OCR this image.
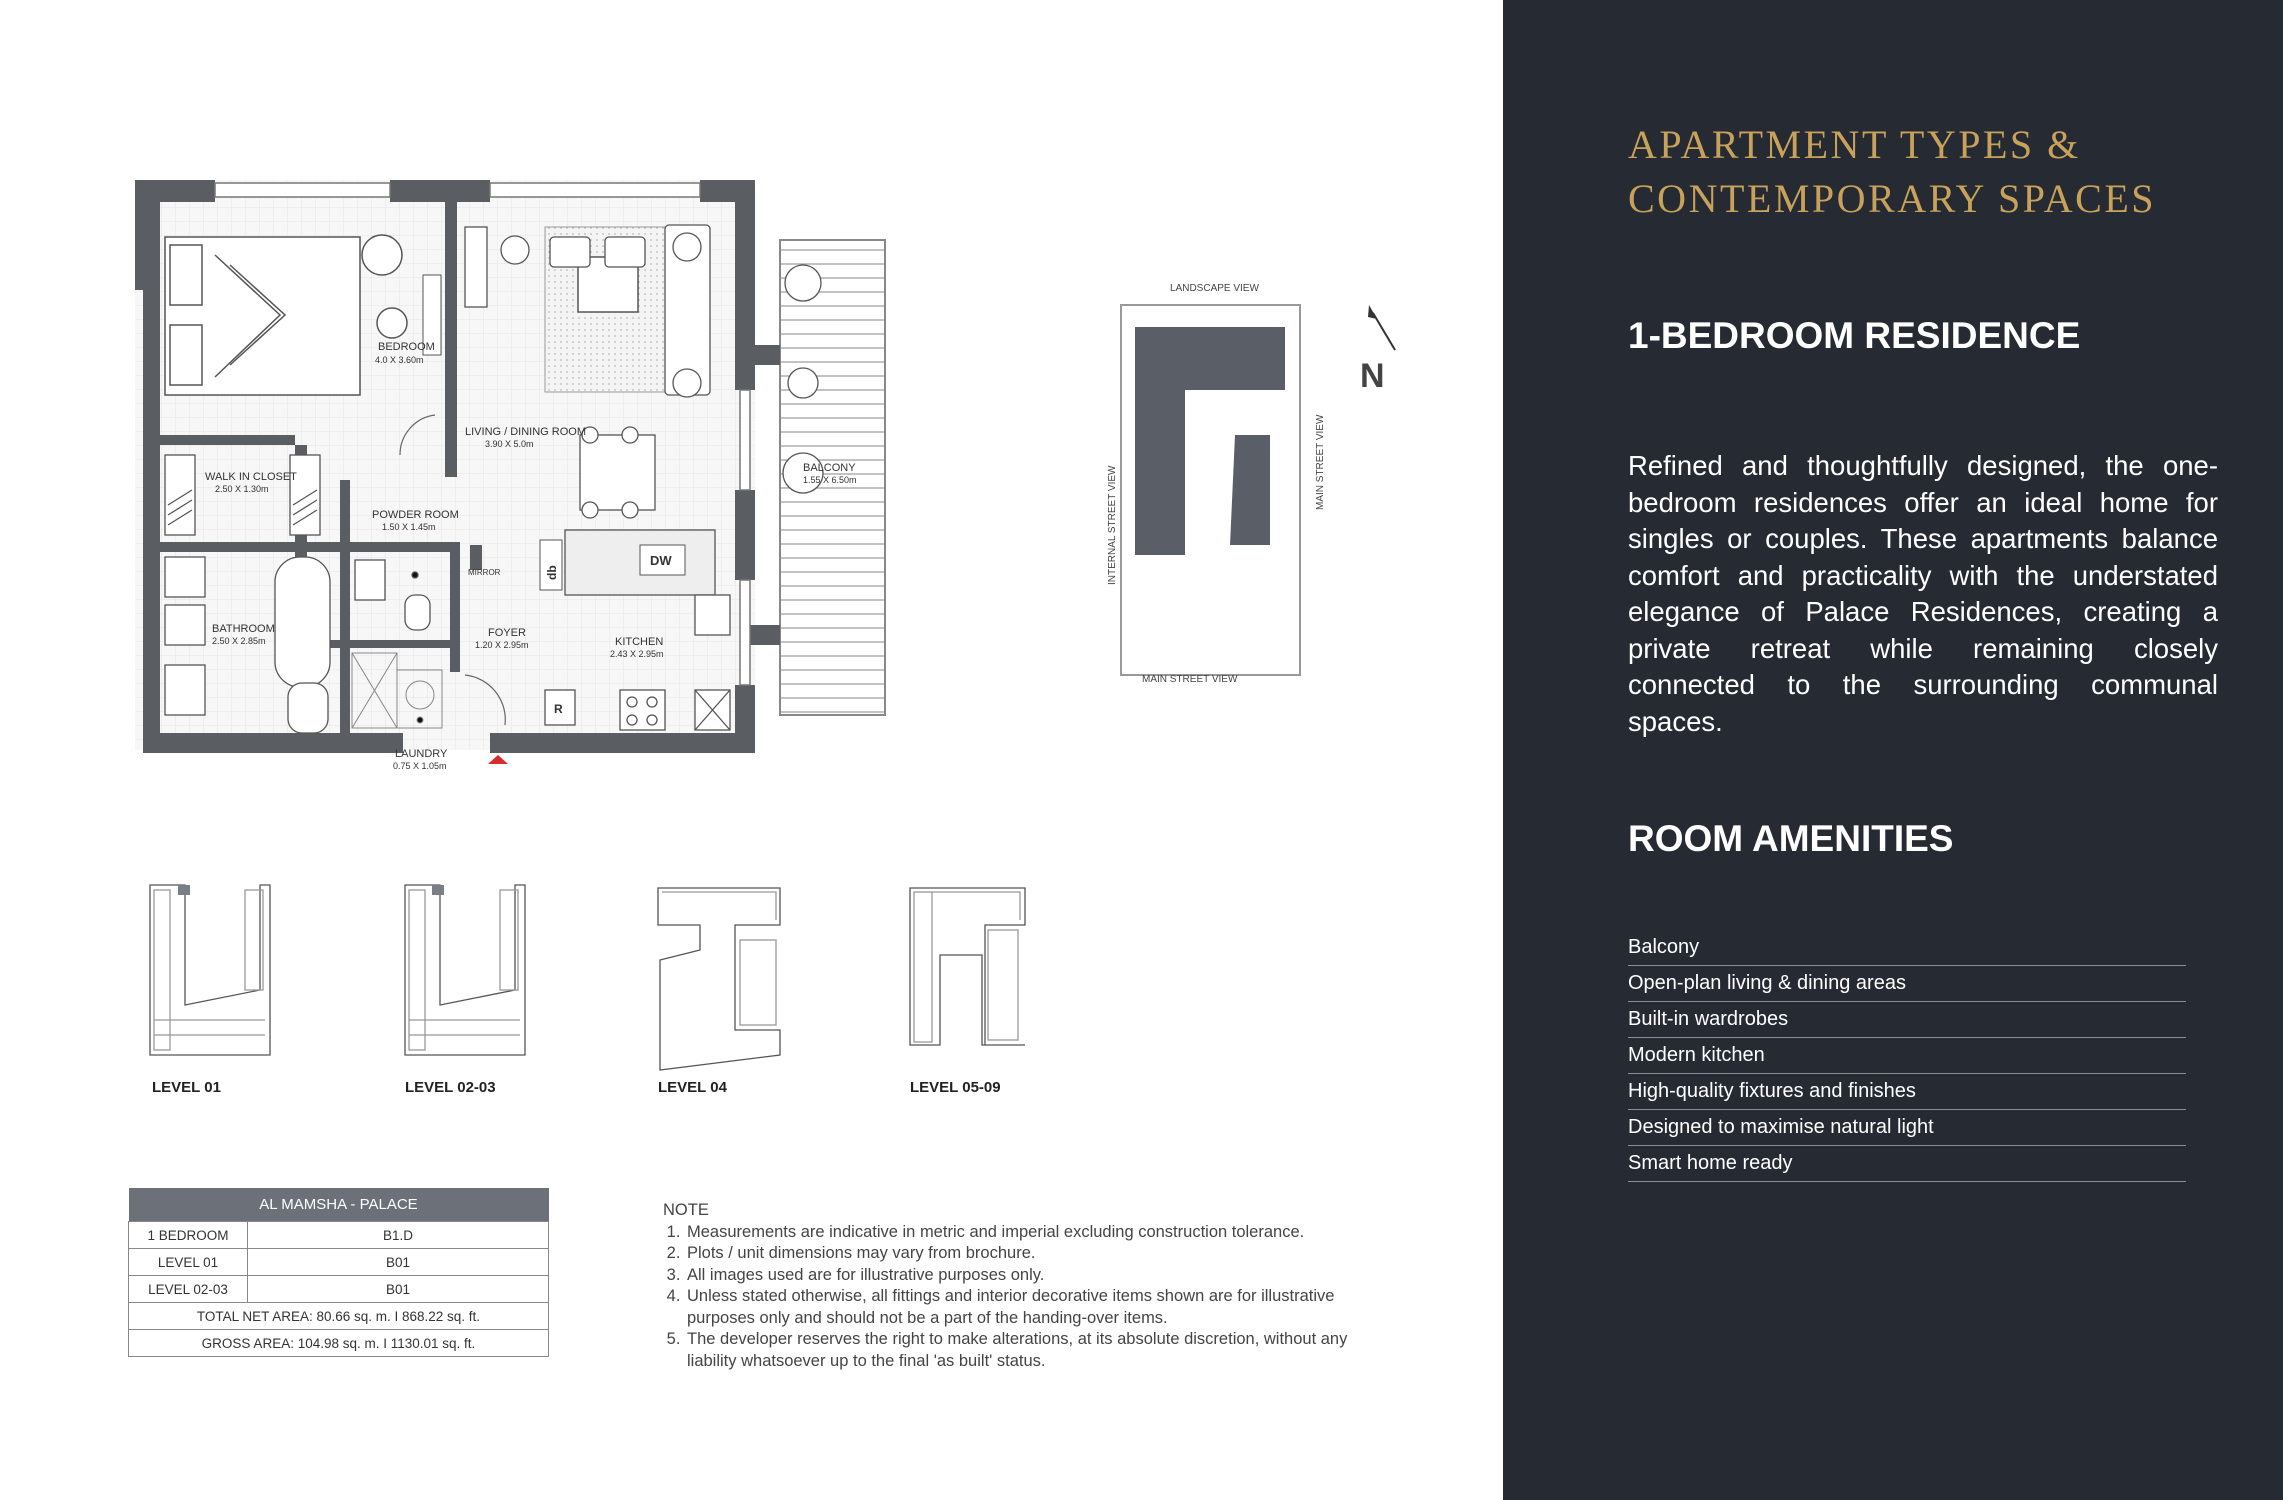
BEDROOM
4.0 X 3.60m
WALK IN CLOSET
2.50 X 1.30m
LIVING / DINING ROOM
3.90 X 5.0m
BALCONY
1.55 X 6.50m
POWDER ROOM
1.50 X 1.45m
MIRROR
BATHROOM
2.50 X 2.85m
FOYER
1.20 X 2.95m
DW
db
KITCHEN
2.43 X 2.95m
R
LAUNDRY
0.75 X 1.05m
LANDSCAPE VIEW
MAIN STREET VIEW
INTERNAL STREET VIEW
MAIN STREET VIEW
N
LEVEL 01	LEVEL 02-03	LEVEL 04	LEVEL 05-09
AL MAMSHA - PALACE	
1 BEDROOM	B1.D
LEVEL 01	B01
LEVEL 02-03	B01
TOTAL NET AREA: 80.66 sq. m. I 868.22 sq. ft.	
GROSS AREA: 104.98 sq. m. I 1130.01 sq. ft.	
NOTE
1. Measurements are indicative in metric and imperial excluding construction tolerance.
2. Plots / unit dimensions may vary from brochure.
3. All images used are for illustrative purposes only.
4. Unless stated otherwise, all fittings and interior decorative items shown are for illustrative purposes only and should not be a part of the handing-over items.
5. The developer reserves the right to make alterations, at its absolute discretion, without any liability whatsoever up to the final 'as built' status.
APARTMENT TYPES &
CONTEMPORARY SPACES
1-BEDROOM RESIDENCE
Refined and thoughtfully designed, the one-bedroom residences offer an ideal home for singles or couples. These apartments balance comfort and practicality with the understated elegance of Palace Residences, creating a private retreat while remaining closely connected to the surrounding communal spaces.
ROOM AMENITIES
Balcony
Open-plan living & dining areas
Built-in wardrobes
Modern kitchen
High-quality fixtures and finishes
Designed to maximise natural light
Smart home ready
